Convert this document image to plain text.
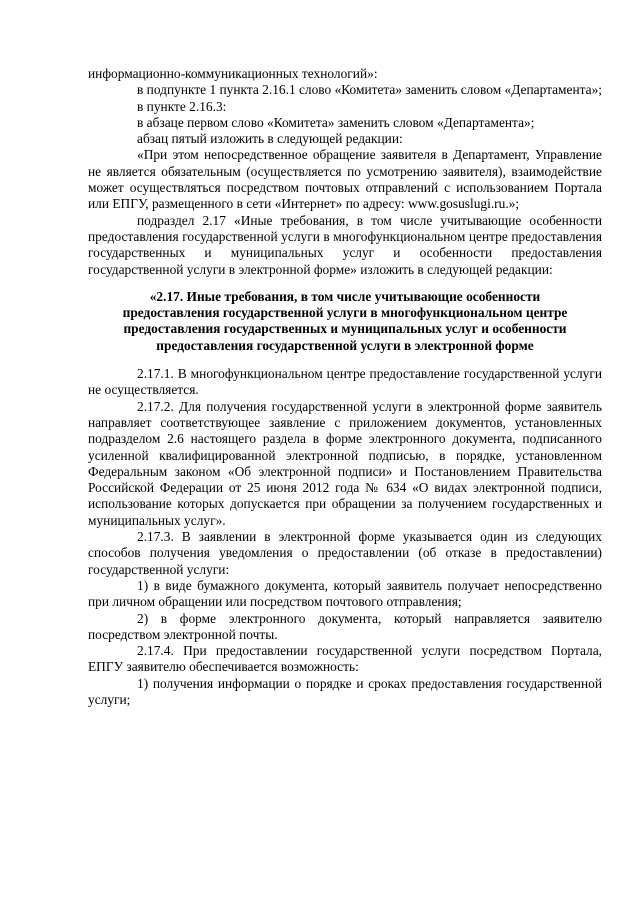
информационно-коммуникационных технологий»:

в подпункте 1 пункта 2.16.1 слово «Комитета» заменить словом «Департамента»;

в пункте 2.16.3:

в абзаце первом слово «Комитета» заменить словом «Департамента»;

абзац пятый изложить в следующей редакции:

«При этом непосредственное обращение заявителя в Департамент, Управление не является обязательным (осуществляется по усмотрению заявителя), взаимодействие может осуществляться посредством почтовых отправлений с использованием Портала или ЕПГУ, размещенного в сети «Интернет» по адресу: www.gosuslugi.ru.»;

подраздел 2.17 «Иные требования, в том числе учитывающие особенности предоставления государственной услуги в многофункциональном центре предоставления государственных и муниципальных услуг и особенности предоставления государственной услуги в электронной форме» изложить в следующей редакции:

«2.17. Иные требования, в том числе учитывающие особенности предоставления государственной услуги в многофункциональном центре предоставления государственных и муниципальных услуг и особенности предоставления государственной услуги в электронной форме

2.17.1. В многофункциональном центре предоставление государственной услуги не осуществляется.

2.17.2. Для получения государственной услуги в электронной форме заявитель направляет соответствующее заявление с приложением документов, установленных подразделом 2.6 настоящего раздела в форме электронного документа, подписанного усиленной квалифицированной электронной подписью, в порядке, установленном Федеральным законом «Об электронной подписи» и Постановлением Правительства Российской Федерации от 25 июня 2012 года № 634 «О видах электронной подписи, использование которых допускается при обращении за получением государственных и муниципальных услуг».

2.17.3. В заявлении в электронной форме указывается один из следующих способов получения уведомления о предоставлении (об отказе в предоставлении) государственной услуги:

1) в виде бумажного документа, который заявитель получает непосредственно при личном обращении или посредством почтового отправления;

2) в форме электронного документа, который направляется заявителю посредством электронной почты.

2.17.4. При предоставлении государственной услуги посредством Портала, ЕПГУ заявителю обеспечивается возможность:

1) получения информации о порядке и сроках предоставления государственной услуги;
